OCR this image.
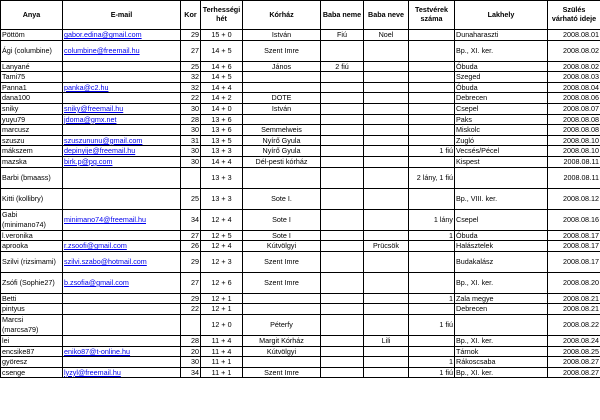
Anya	E-mail	Kor	Terhességi hét	Kórház	Baba neme	Baba neve	Testvérek száma	Lakhely	Szülés várható ideje
Pöttöm	gabor.edina@gmail.com	29	15 + 0	István	Fiú	Noel		Dunaharaszti	2008.08.01
Ági (columbine)	columbine@freemail.hu	27	14 + 5	Szent Imre				Bp., XI. ker.	2008.08.02
Lanyané		25	14 + 6	János	2 fiú			Óbuda	2008.08.02
Tami75		32	14 + 5					Szeged	2008.08.03
Panna1	panka@c2.hu	32	14 + 4					Óbuda	2008.08.04
dana100		22	14 + 2	DOTE				Debrecen	2008.08.06
sniky	sniky@freemail.hu	30	14 + 0	István				Csepel	2008.08.07
yuyu79	jdoma@gmx.net	28	13 + 6					Paks	2008.08.08
marcusz		30	13 + 6	Semmelweis				Miskolc	2008.08.08
szuszu	szuszununu@gmail.com	31	13 + 5	Nyírő Gyula				Zugló	2008.08.10
mákszem	depinyije@freemail.hu	30	13 + 3	Nyírő Gyula			1 fiú	Vecsés/Pécel	2008.08.10
mazska	birk.p@pg.com	30	14 + 4	Dél-pesti kórház				Kispest	2008.08.11
Barbi (bmaass)			13 + 3				2 lány, 1 fiú		2008.08.11
Kitti (kollibry)		25	13 + 3	Sote I.				Bp., VIII. ker.	2008.08.12
Gabi (minimano74)	minimano74@freemail.hu	34	12 + 4	Sote I			1 lány	Csepel	2008.08.16
l.veronika		27	12 + 5	Sote I			1	Óbuda	2008.08.17
aprooka	r.zsoofi@gmail.com	26	12 + 4	Kútvölgyi		Prücsök		Halásztelek	2008.08.17
Szilvi (rizsimami)	szilvi.szabo@hotmail.com	29	12 + 3	Szent Imre				Budakalász	2008.08.17
Zsófi (Sophie27)	b.zsofia@gmail.com	27	12 + 6	Szent Imre				Bp., XI. ker.	2008.08.20
Betti		29	12 + 1				1	Zala megye	2008.08.21
pintyus		22	12 + 1					Debrecen	2008.08.21
Marcsi (marcsa79)			12 + 0	Péterfy			1 fiú		2008.08.22
lei		28	11 + 4	Margit Kórház		Lili		Bp., XI. ker.	2008.08.24
encsike87	eniko87@t-online.hu	20	11 + 4	Kútvölgyi				Tárnok	2008.08.25
györesz		30	11 + 1				1	Rákoscsaba	2008.08.27
csenge	lyzyl@freemail.hu	34	11 + 1	Szent Imre			1 fiú	Bp., XI. ker.	2008.08.27
